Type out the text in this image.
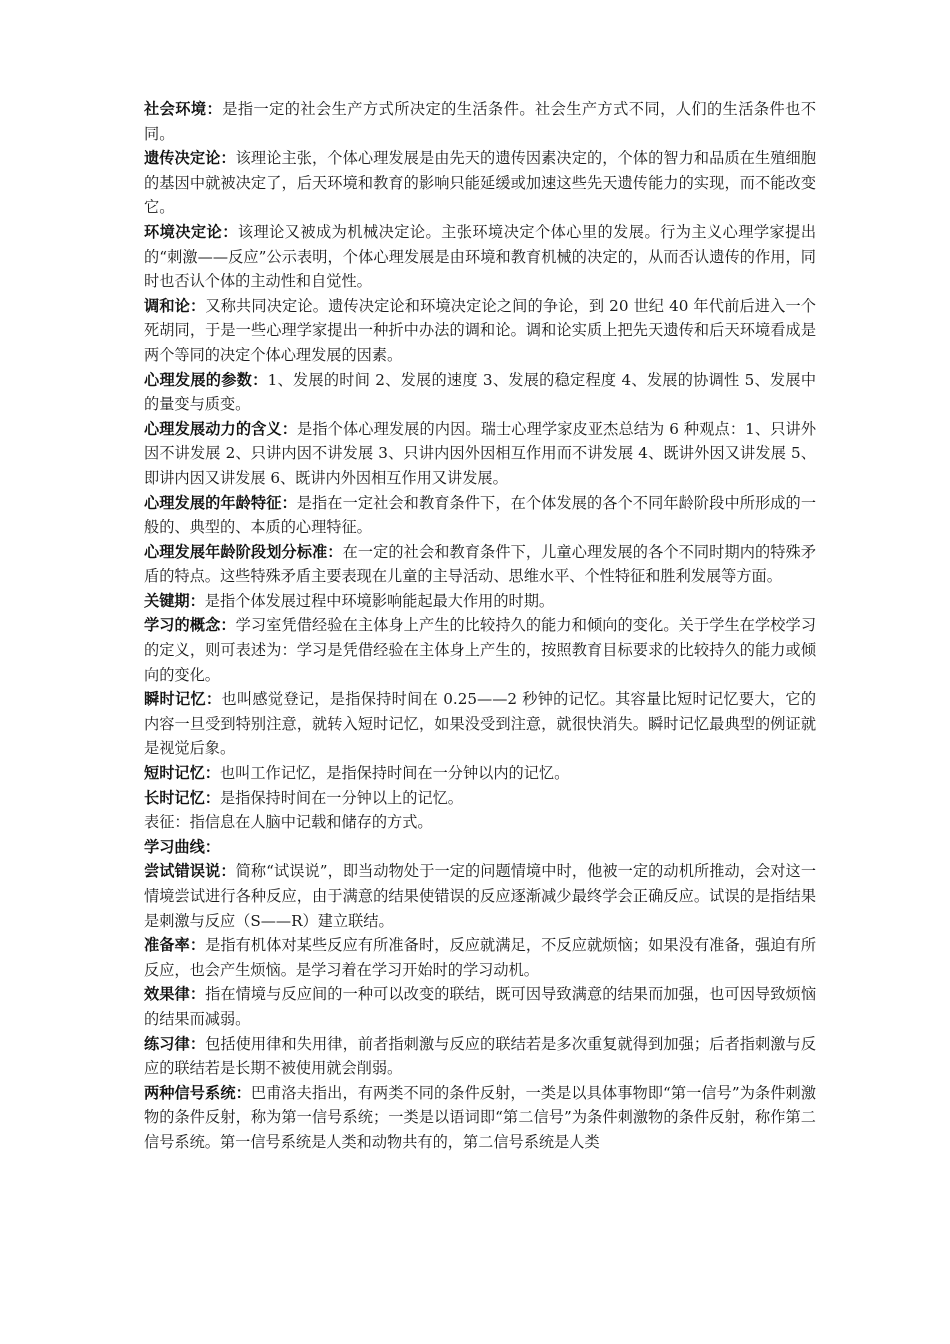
社会环境：是指一定的社会生产方式所决定的生活条件。社会生产方式不同，人们的生活条件也不同。

遗传决定论：该理论主张，个体心理发展是由先天的遗传因素决定的，个体的智力和品质在生殖细胞的基因中就被决定了，后天环境和教育的影响只能延缓或加速这些先天遗传能力的实现，而不能改变它。

环境决定论：该理论又被成为机械决定论。主张环境决定个体心里的发展。行为主义心理学家提出的“刺激——反应”公示表明，个体心理发展是由环境和教育机械的决定的，从而否认遗传的作用，同时也否认个体的主动性和自觉性。

调和论：又称共同决定论。遗传决定论和环境决定论之间的争论，到 20 世纪 40 年代前后进入一个死胡同，于是一些心理学家提出一种折中办法的调和论。调和论实质上把先天遗传和后天环境看成是两个等同的决定个体心理发展的因素。

心理发展的参数：1、发展的时间 2、发展的速度 3、发展的稳定程度 4、发展的协调性 5、发展中的量变与质变。

心理发展动力的含义：是指个体心理发展的内因。瑞士心理学家皮亚杰总结为 6 种观点：1、只讲外因不讲发展 2、只讲内因不讲发展 3、只讲内因外因相互作用而不讲发展 4、既讲外因又讲发展 5、即讲内因又讲发展 6、既讲内外因相互作用又讲发展。

心理发展的年龄特征：是指在一定社会和教育条件下，在个体发展的各个不同年龄阶段中所形成的一般的、典型的、本质的心理特征。

心理发展年龄阶段划分标准：在一定的社会和教育条件下，儿童心理发展的各个不同时期内的特殊矛盾的特点。这些特殊矛盾主要表现在儿童的主导活动、思维水平、个性特征和胜利发展等方面。

关键期：是指个体发展过程中环境影响能起最大作用的时期。

学习的概念：学习室凭借经验在主体身上产生的比较持久的能力和倾向的变化。关于学生在学校学习的定义，则可表述为：学习是凭借经验在主体身上产生的，按照教育目标要求的比较持久的能力或倾向的变化。

瞬时记忆：也叫感觉登记，是指保持时间在 0.25——2 秒钟的记忆。其容量比短时记忆要大，它的内容一旦受到特别注意，就转入短时记忆，如果没受到注意，就很快消失。瞬时记忆最典型的例证就是视觉后象。

短时记忆：也叫工作记忆，是指保持时间在一分钟以内的记忆。

长时记忆：是指保持时间在一分钟以上的记忆。

表征：指信息在人脑中记载和储存的方式。

学习曲线：

尝试错误说：简称“试误说”，即当动物处于一定的问题情境中时，他被一定的动机所推动，会对这一情境尝试进行各种反应，由于满意的结果使错误的反应逐渐减少最终学会正确反应。试误的是指结果是刺激与反应（S——R）建立联结。

准备率：是指有机体对某些反应有所准备时，反应就满足，不反应就烦恼；如果没有准备，强迫有所反应，也会产生烦恼。是学习着在学习开始时的学习动机。

效果律：指在情境与反应间的一种可以改变的联结，既可因导致满意的结果而加强，也可因导致烦恼的结果而减弱。

练习律：包括使用律和失用律，前者指刺激与反应的联结若是多次重复就得到加强；后者指刺激与反应的联结若是长期不被使用就会削弱。

两种信号系统：巴甫洛夫指出，有两类不同的条件反射，一类是以具体事物即“第一信号”为条件刺激物的条件反射，称为第一信号系统；一类是以语词即“第二信号”为条件刺激物的条件反射，称作第二信号系统。第一信号系统是人类和动物共有的，第二信号系统是人类
